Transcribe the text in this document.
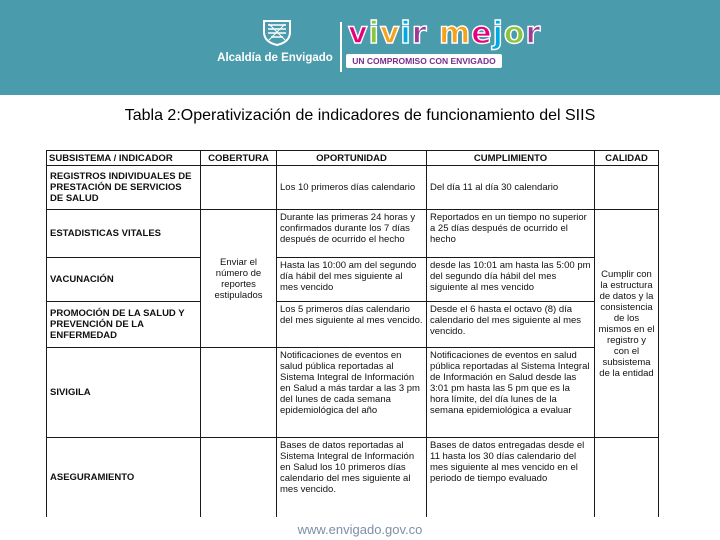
Alcaldía de Envigado
vivir mejor
UN COMPROMISO CON ENVIGADO
Tabla 2:Operativización de indicadores de funcionamiento del SIIS
SUBSISTEMA / INDICADOR	COBERTURA	OPORTUNIDAD	CUMPLIMIENTO	CALIDAD
REGISTROS INDIVIDUALES DE PRESTACIÓN DE SERVICIOS DE SALUD		Los 10 primeros días calendario	Del día 11 al día 30 calendario	
ESTADISTICAS VITALES	Enviar el número de reportes estipulados	Durante las primeras 24 horas y confirmados durante los 7 días después de ocurrido el hecho	Reportados en un tiempo no superior a 25 días después de ocurrido el hecho	Cumplir con la estructura de datos y la consistencia de los mismos en el registro y con el subsistema de la entidad
VACUNACIÓN		Hasta las 10:00 am del segundo día hábil del mes siguiente al mes vencido	desde las 10:01 am hasta las 5:00 pm del segundo día hábil del mes siguiente al mes vencido	
PROMOCIÓN DE LA SALUD Y PREVENCIÓN DE LA ENFERMEDAD		Los 5 primeros días calendario del mes siguiente al mes vencido.	Desde el 6 hasta el octavo (8) día calendario del mes siguiente al mes vencido.	
SIVIGILA		Notificaciones de eventos en salud pública reportadas al Sistema Integral de Información en Salud a más tardar a las 3 pm del lunes de cada semana epidemiológica del año	Notificaciones de eventos en salud pública reportadas al Sistema Integral de Información en Salud desde las 3:01 pm hasta las 5 pm que es la hora límite, del día lunes de la semana epidemiológica a evaluar	
ASEGURAMIENTO		Bases de datos reportadas al Sistema Integral de Información en Salud los 10 primeros días calendario del mes siguiente al mes vencido.	Bases de datos entregadas desde el 11 hasta los 30 días calendario del mes siguiente al mes vencido en el periodo de tiempo evaluado	
www.envigado.gov.co
